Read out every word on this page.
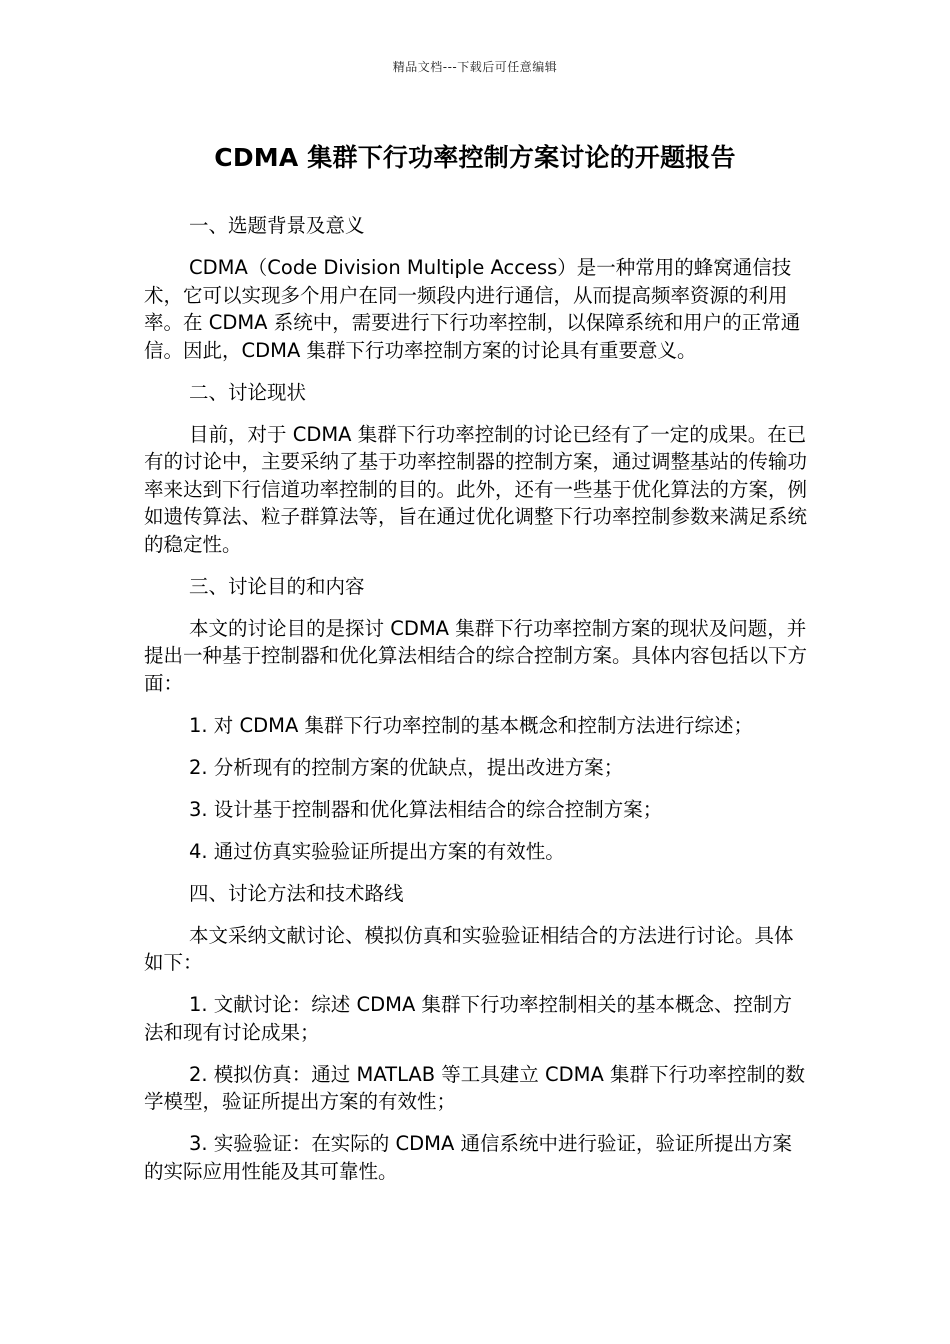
精品文档---下载后可任意编辑
CDMA 集群下行功率控制方案讨论的开题报告

一、选题背景及意义

CDMA（Code Division Multiple Access）是一种常用的蜂窝通信技术，它可以实现多个用户在同一频段内进行通信，从而提高频率资源的利用率。在 CDMA 系统中，需要进行下行功率控制，以保障系统和用户的正常通信。因此，CDMA 集群下行功率控制方案的讨论具有重要意义。

二、讨论现状

目前，对于 CDMA 集群下行功率控制的讨论已经有了一定的成果。在已有的讨论中，主要采纳了基于功率控制器的控制方案，通过调整基站的传输功率来达到下行信道功率控制的目的。此外，还有一些基于优化算法的方案，例如遗传算法、粒子群算法等，旨在通过优化调整下行功率控制参数来满足系统的稳定性。

三、讨论目的和内容

本文的讨论目的是探讨 CDMA 集群下行功率控制方案的现状及问题，并提出一种基于控制器和优化算法相结合的综合控制方案。具体内容包括以下方面：

1. 对 CDMA 集群下行功率控制的基本概念和控制方法进行综述；

2. 分析现有的控制方案的优缺点，提出改进方案；

3. 设计基于控制器和优化算法相结合的综合控制方案；

4. 通过仿真实验验证所提出方案的有效性。

四、讨论方法和技术路线

本文采纳文献讨论、模拟仿真和实验验证相结合的方法进行讨论。具体如下：

1. 文献讨论：综述 CDMA 集群下行功率控制相关的基本概念、控制方法和现有讨论成果；

2. 模拟仿真：通过 MATLAB 等工具建立 CDMA 集群下行功率控制的数学模型，验证所提出方案的有效性；

3. 实验验证：在实际的 CDMA 通信系统中进行验证，验证所提出方案的实际应用性能及其可靠性。
